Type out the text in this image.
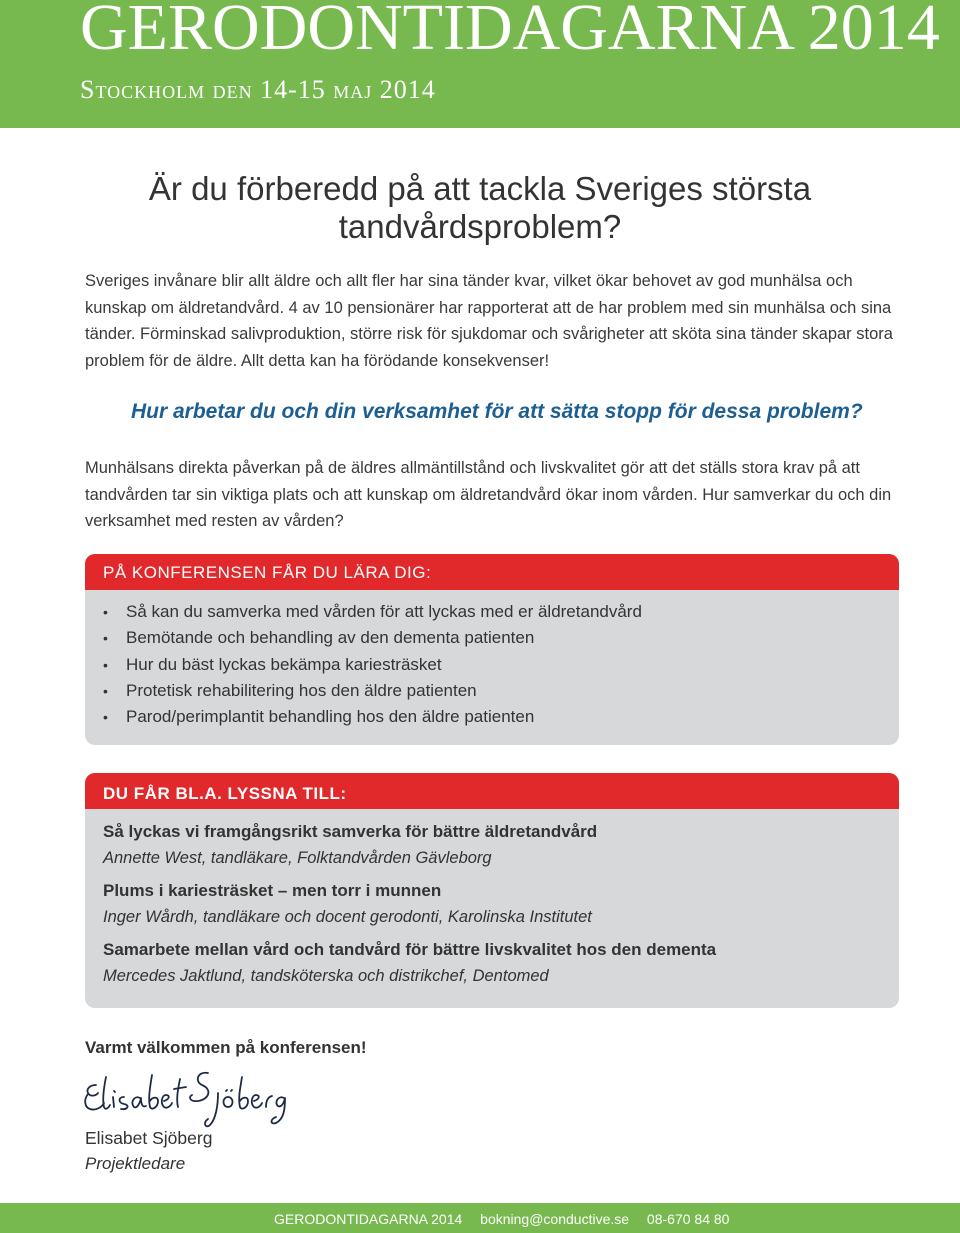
GERODONTIDAGARNA 2014
Stockholm den 14-15 maj 2014
Är du förberedd på att tackla Sveriges största tandvårdsproblem?
Sveriges invånare blir allt äldre och allt fler har sina tänder kvar, vilket ökar behovet av god munhälsa och kunskap om äldretandvård. 4 av 10 pensionärer har rapporterat att de har problem med sin munhälsa och sina tänder. Förminskad salivproduktion, större risk för sjukdomar och svårigheter att sköta sina tänder skapar stora problem för de äldre. Allt detta kan ha förödande konsekvenser!
Hur arbetar du och din verksamhet för att sätta stopp för dessa problem?
Munhälsans direkta påverkan på de äldres allmäntillstånd och livskvalitet gör att det ställs stora krav på att tandvården tar sin viktiga plats och att kunskap om äldretandvård ökar inom vården. Hur samverkar du och din verksamhet med resten av vården?
PÅ KONFERENSEN FÅR DU LÄRA DIG:
• Så kan du samverka med vården för att lyckas med er äldretandvård
• Bemötande och behandling av den dementa patienten
• Hur du bäst lyckas bekämpa kariesträsket
• Protetisk rehabilitering hos den äldre patienten
• Parod/perimplantit behandling hos den äldre patienten
DU FÅR BL.A. LYSSNA TILL:
Så lyckas vi framgångsrikt samverka för bättre äldretandvård
Annette West, tandläkare, Folktandvården Gävleborg
Plums i kariesträsket – men torr i munnen
Inger Wårdh, tandläkare och docent gerodonti, Karolinska Institutet
Samarbete mellan vård och tandvård för bättre livskvalitet hos den dementa
Mercedes Jaktlund, tandsköterska och distrikchef, Dentomed
Varmt välkommen på konferensen!
Elisabet Sjöberg
Projektledare
GERODONTIDAGARNA 2014 bokning@conductive.se 08-670 84 80
